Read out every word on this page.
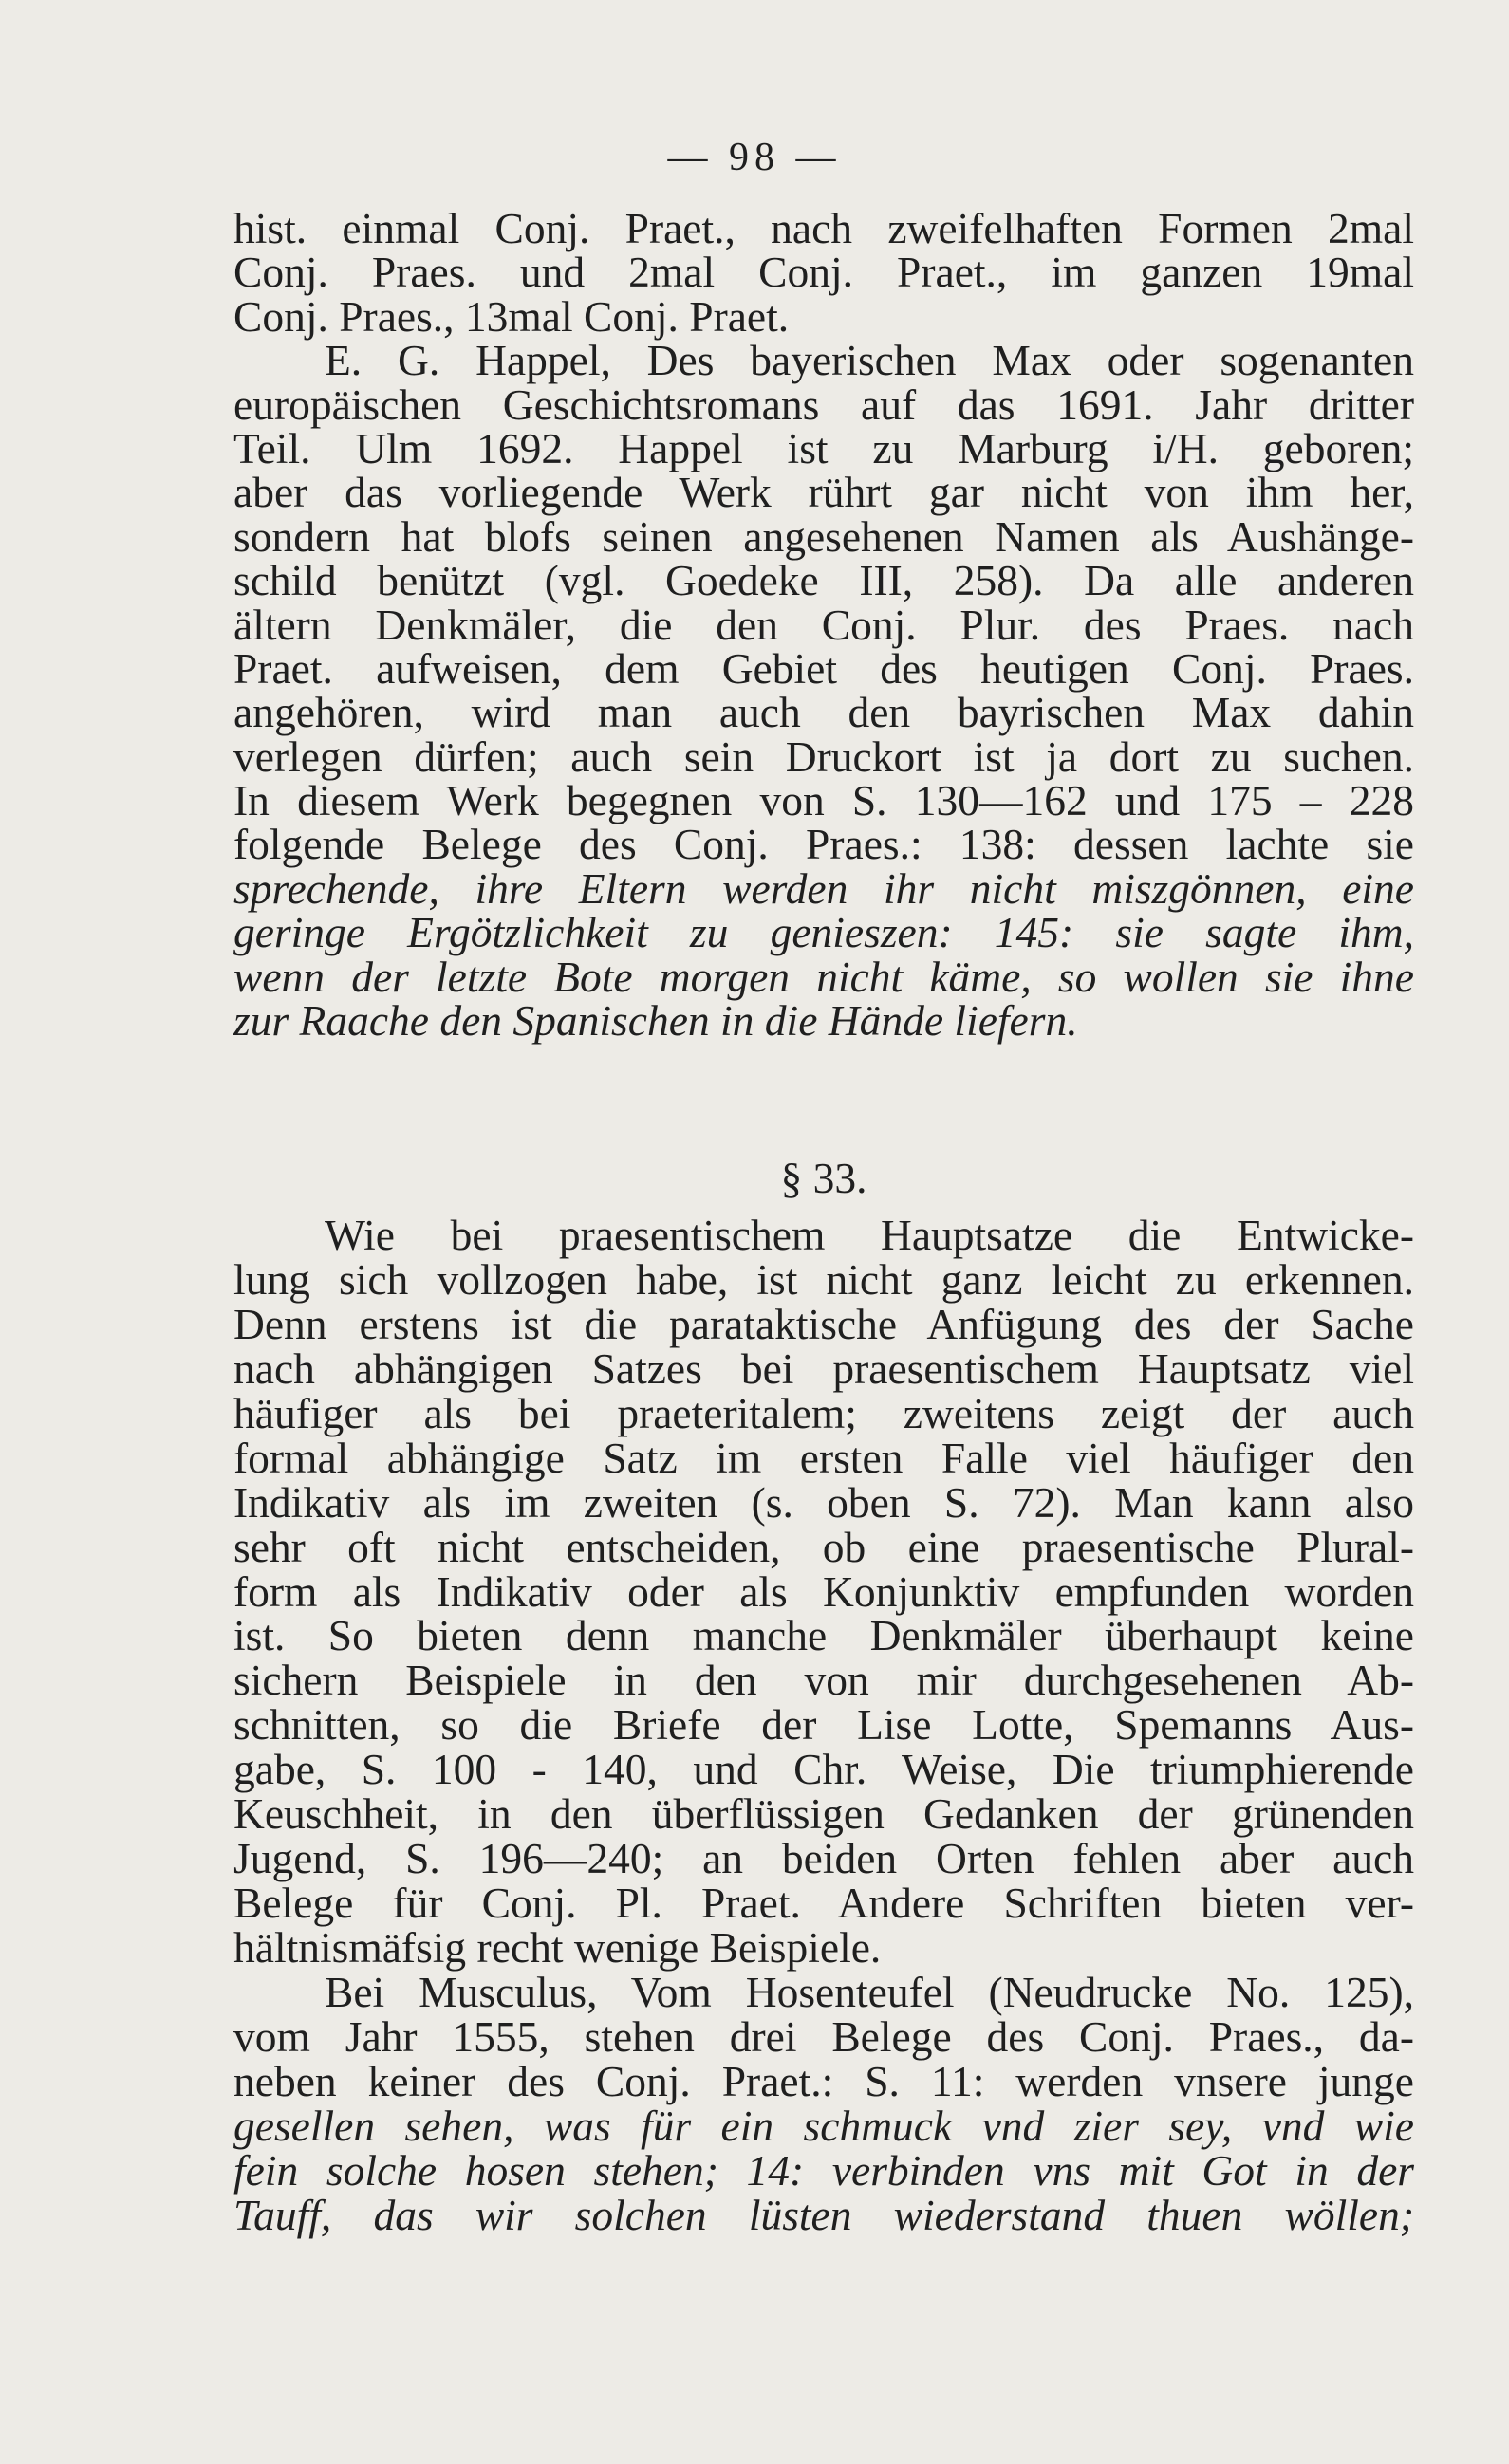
— 98 —
hist. einmal Conj. Praet., nach zweifelhaften Formen 2mal
Conj. Praes. und 2mal Conj. Praet., im ganzen 19mal
Conj. Praes., 13mal Conj. Praet.
E. G. Happel, Des bayerischen Max oder sogenanten
europäischen Geschichtsromans auf das 1691. Jahr dritter
Teil. Ulm 1692. Happel ist zu Marburg i/H. geboren;
aber das vorliegende Werk rührt gar nicht von ihm her,
sondern hat blofs seinen angesehenen Namen als Aushänge-
schild benützt (vgl. Goedeke III, 258). Da alle anderen
ältern Denkmäler, die den Conj. Plur. des Praes. nach
Praet. aufweisen, dem Gebiet des heutigen Conj. Praes.
angehören, wird man auch den bayrischen Max dahin
verlegen dürfen; auch sein Druckort ist ja dort zu suchen.
In diesem Werk begegnen von S. 130—162 und 175 – 228
folgende Belege des Conj. Praes.: 138: dessen lachte sie
sprechende, ihre Eltern werden ihr nicht miszgönnen, eine
geringe Ergötzlichkeit zu genieszen: 145: sie sagte ihm,
wenn der letzte Bote morgen nicht käme, so wollen sie ihne
zur Raache den Spanischen in die Hände liefern.
§ 33.
Wie bei praesentischem Hauptsatze die Entwicke-
lung sich vollzogen habe, ist nicht ganz leicht zu erkennen.
Denn erstens ist die parataktische Anfügung des der Sache
nach abhängigen Satzes bei praesentischem Hauptsatz viel
häufiger als bei praeteritalem; zweitens zeigt der auch
formal abhängige Satz im ersten Falle viel häufiger den
Indikativ als im zweiten (s. oben S. 72). Man kann also
sehr oft nicht entscheiden, ob eine praesentische Plural-
form als Indikativ oder als Konjunktiv empfunden worden
ist. So bieten denn manche Denkmäler überhaupt keine
sichern Beispiele in den von mir durchgesehenen Ab-
schnitten, so die Briefe der Lise Lotte, Spemanns Aus-
gabe, S. 100 - 140, und Chr. Weise, Die triumphierende
Keuschheit, in den überflüssigen Gedanken der grünenden
Jugend, S. 196—240; an beiden Orten fehlen aber auch
Belege für Conj. Pl. Praet. Andere Schriften bieten ver-
hältnismäfsig recht wenige Beispiele.
Bei Musculus, Vom Hosenteufel (Neudrucke No. 125),
vom Jahr 1555, stehen drei Belege des Conj. Praes., da-
neben keiner des Conj. Praet.: S. 11: werden vnsere junge
gesellen sehen, was für ein schmuck vnd zier sey, vnd wie
fein solche hosen stehen; 14: verbinden vns mit Got in der
Tauff, das wir solchen lüsten wiederstand thuen wöllen;
